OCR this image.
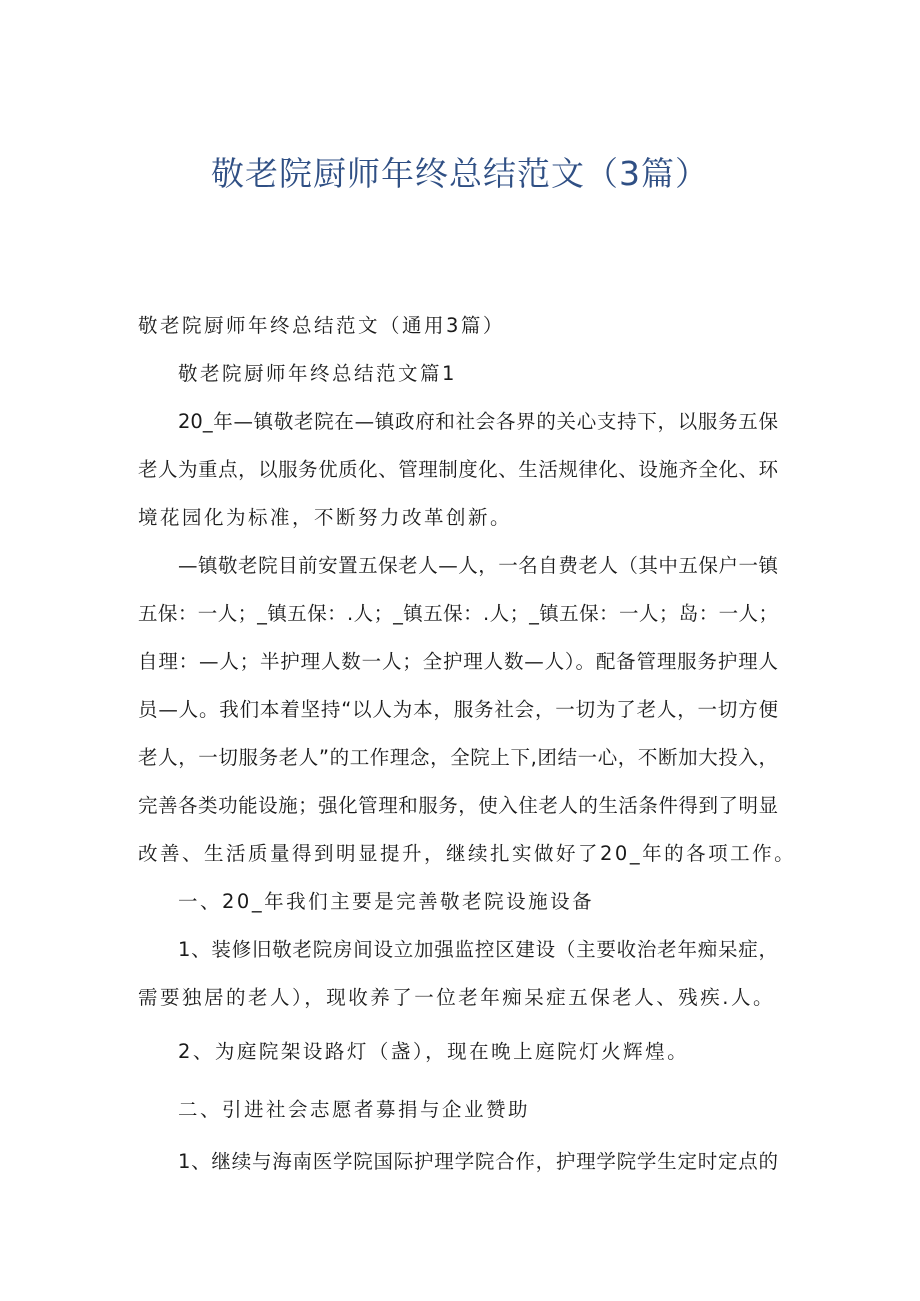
敬老院厨师年终总结范文（3篇）
敬老院厨师年终总结范文（通用3篇）
敬老院厨师年终总结范文篇1
20_年—镇敬老院在—镇政府和社会各界的关心支持下，以服务五保
老人为重点，以服务优质化、管理制度化、生活规律化、设施齐全化、环
境花园化为标准，不断努力改革创新。
—镇敬老院目前安置五保老人—人，一名自费老人（其中五保户一镇
五保：一人；_镇五保：.人；_镇五保：.人；_镇五保：一人；岛：一人；
自理：—人；半护理人数一人；全护理人数—人）。配备管理服务护理人
员—人。我们本着坚持“以人为本，服务社会，一切为了老人，一切方便
老人，一切服务老人”的工作理念，全院上下,团结一心，不断加大投入，
完善各类功能设施；强化管理和服务，使入住老人的生活条件得到了明显
改善、生活质量得到明显提升，继续扎实做好了20_年的各项工作。
一、20_年我们主要是完善敬老院设施设备
1、装修旧敬老院房间设立加强监控区建设（主要收治老年痴呆症，
需要独居的老人），现收养了一位老年痴呆症五保老人、残疾.人。
2、为庭院架设路灯（盏），现在晚上庭院灯火辉煌。
二、引进社会志愿者募捐与企业赞助
1、继续与海南医学院国际护理学院合作，护理学院学生定时定点的
